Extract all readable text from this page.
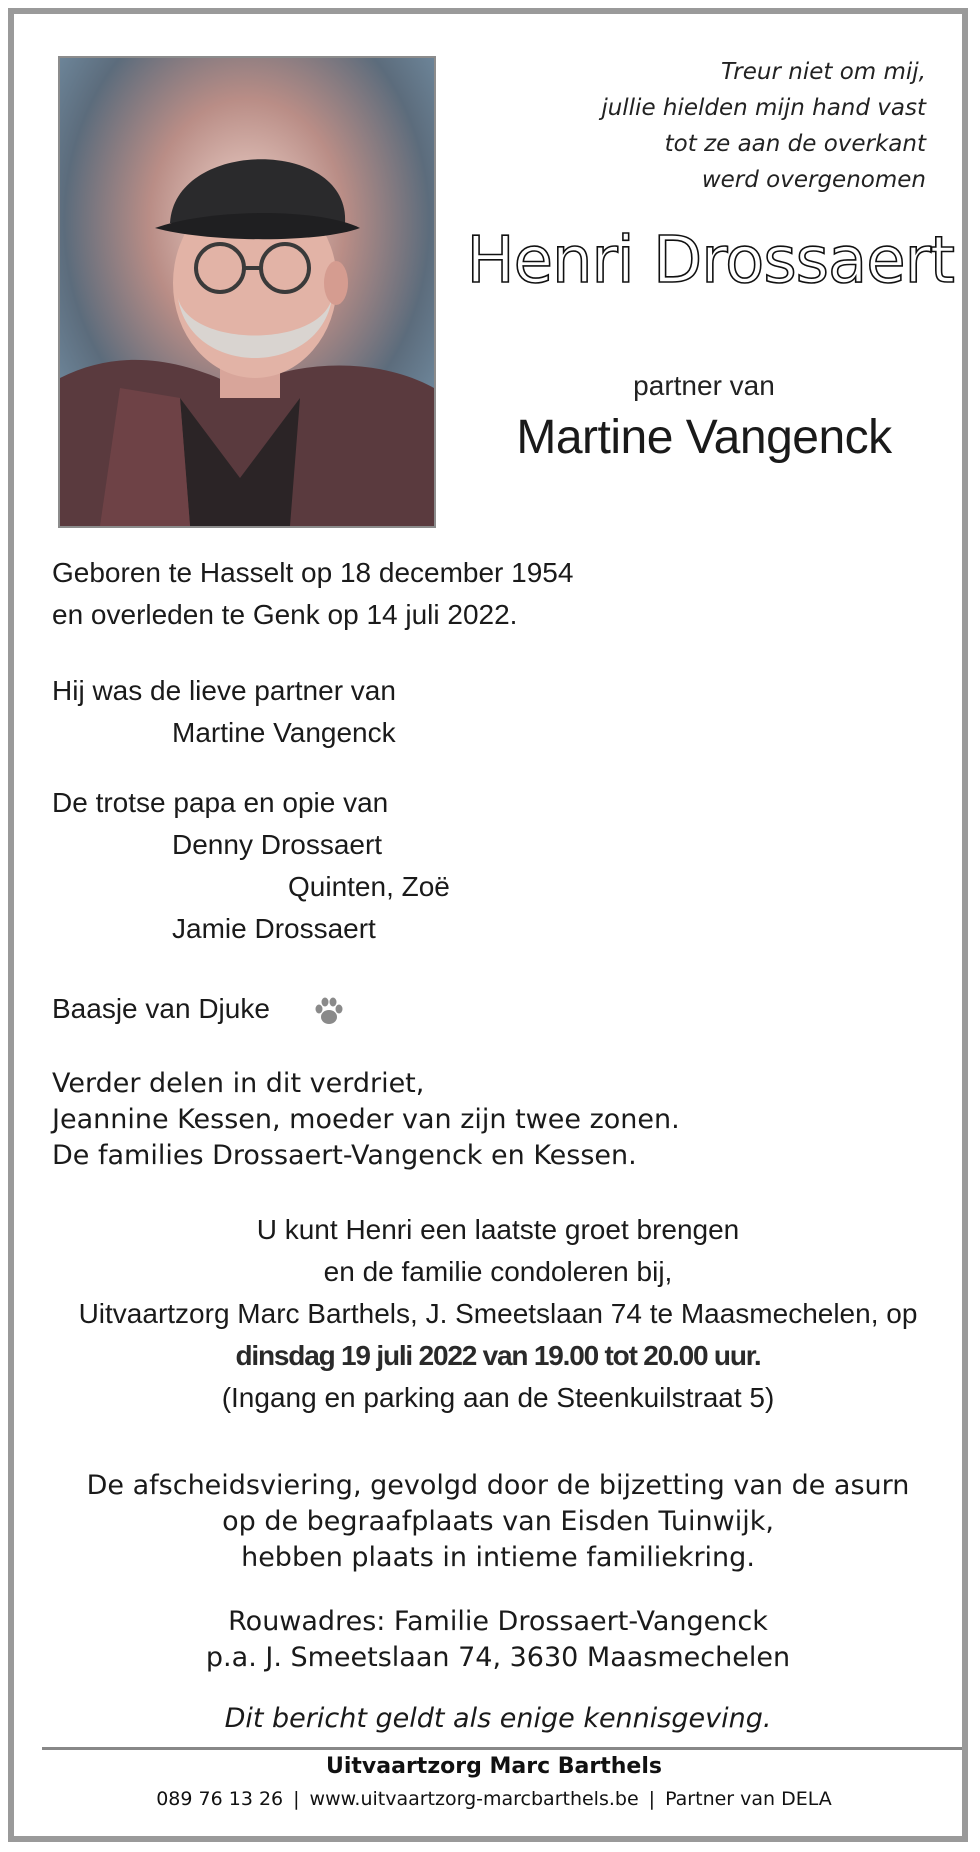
Treur niet om mij,
jullie hielden mijn hand vast
tot ze aan de overkant
werd overgenomen
Henri Drossaert
partner van
Martine Vangenck
Geboren te Hasselt op 18 december 1954
en overleden te Genk op 14 juli 2022.
Hij was de lieve partner van
Martine Vangenck
De trotse papa en opie van
Denny Drossaert
Quinten, Zoë
Jamie Drossaert
Baasje van Djuke
Verder delen in dit verdriet,
Jeannine Kessen, moeder van zijn twee zonen.
De families Drossaert-Vangenck en Kessen.
U kunt Henri een laatste groet brengen
en de familie condoleren bij,
Uitvaartzorg Marc Barthels, J. Smeetslaan 74 te Maasmechelen, op
dinsdag 19 juli 2022 van 19.00 tot 20.00 uur.
(Ingang en parking aan de Steenkuilstraat 5)
De afscheidsviering, gevolgd door de bijzetting van de asurn
op de begraafplaats van Eisden Tuinwijk,
hebben plaats in intieme familiekring.
Rouwadres: Familie Drossaert-Vangenck
p.a. J. Smeetslaan 74, 3630 Maasmechelen
Dit bericht geldt als enige kennisgeving.
Uitvaartzorg Marc Barthels
089 76 13 26 | www.uitvaartzorg-marcbarthels.be | Partner van DELA
